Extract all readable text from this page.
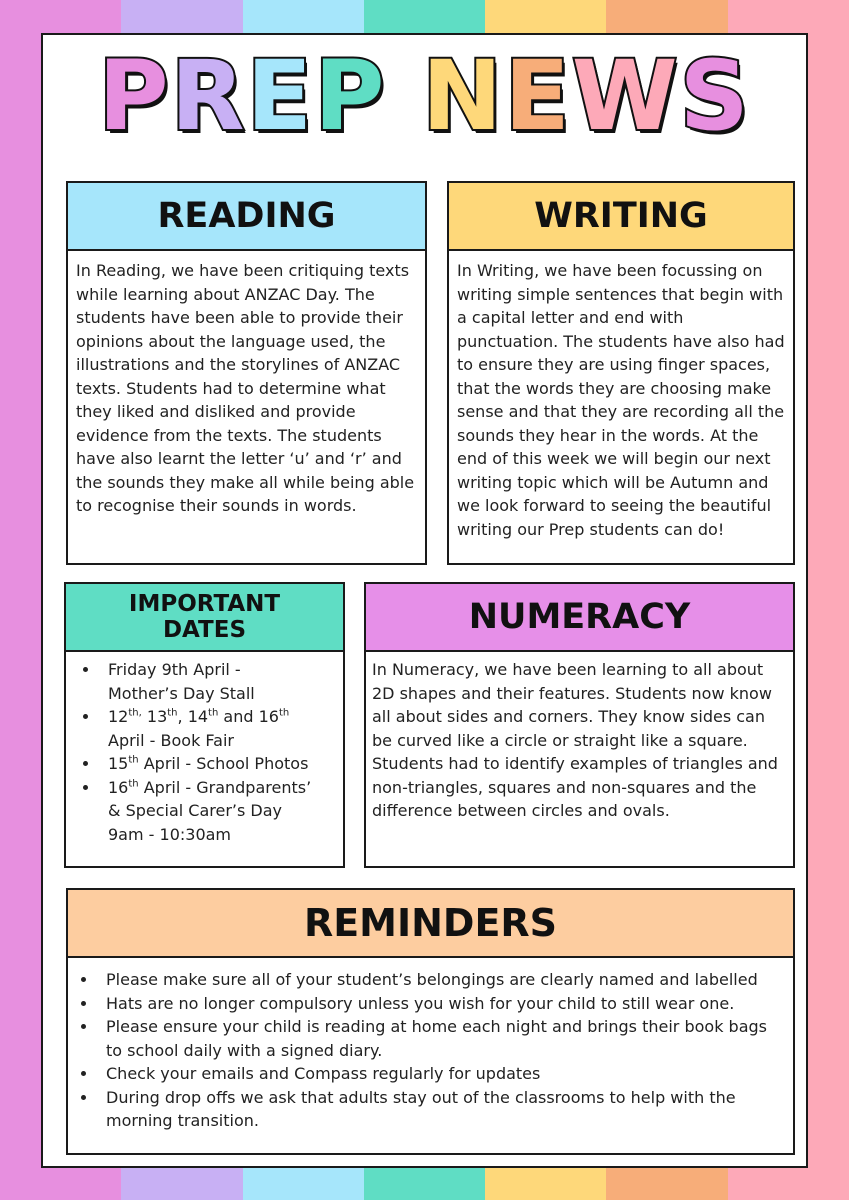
PREP NEWS
READING

In Reading, we have been critiquing texts while learning about ANZAC Day. The students have been able to provide their opinions about the language used, the illustrations and the storylines of ANZAC texts. Students had to determine what they liked and disliked and provide evidence from the texts. The students have also learnt the letter ‘u’ and ‘r’ and the sounds they make all while being able to recognise their sounds in words.

WRITING

In Writing, we have been focussing on writing simple sentences that begin with a capital letter and end with punctuation. The students have also had to ensure they are using finger spaces, that the words they are choosing make sense and that they are recording all the sounds they hear in the words. At the end of this week we will begin our next writing topic which will be Autumn and we look forward to seeing the beautiful writing our Prep students can do!

IMPORTANT
DATES
• Friday 9th April -
Mother’s Day Stall
• $12^{th,}$ 13th, 14th and 16th
April - Book Fair
• 15th April - School Photos
• 16th April - Grandparents’
& Special Carer’s Day
9am - 10:30am
NUMERACY

In Numeracy, we have been learning to all about 2D shapes and their features. Students now know all about sides and corners. They know sides can be curved like a circle or straight like a square. Students had to identify examples of triangles and non-triangles, squares and non-squares and the difference between circles and ovals.

REMINDERS
• Please make sure all of your student’s belongings are clearly named and labelled
• Hats are no longer compulsory unless you wish for your child to still wear one.
• Please ensure your child is reading at home each night and brings their book bags to school daily with a signed diary.
• Check your emails and Compass regularly for updates
• During drop offs we ask that adults stay out of the classrooms to help with the morning transition.
